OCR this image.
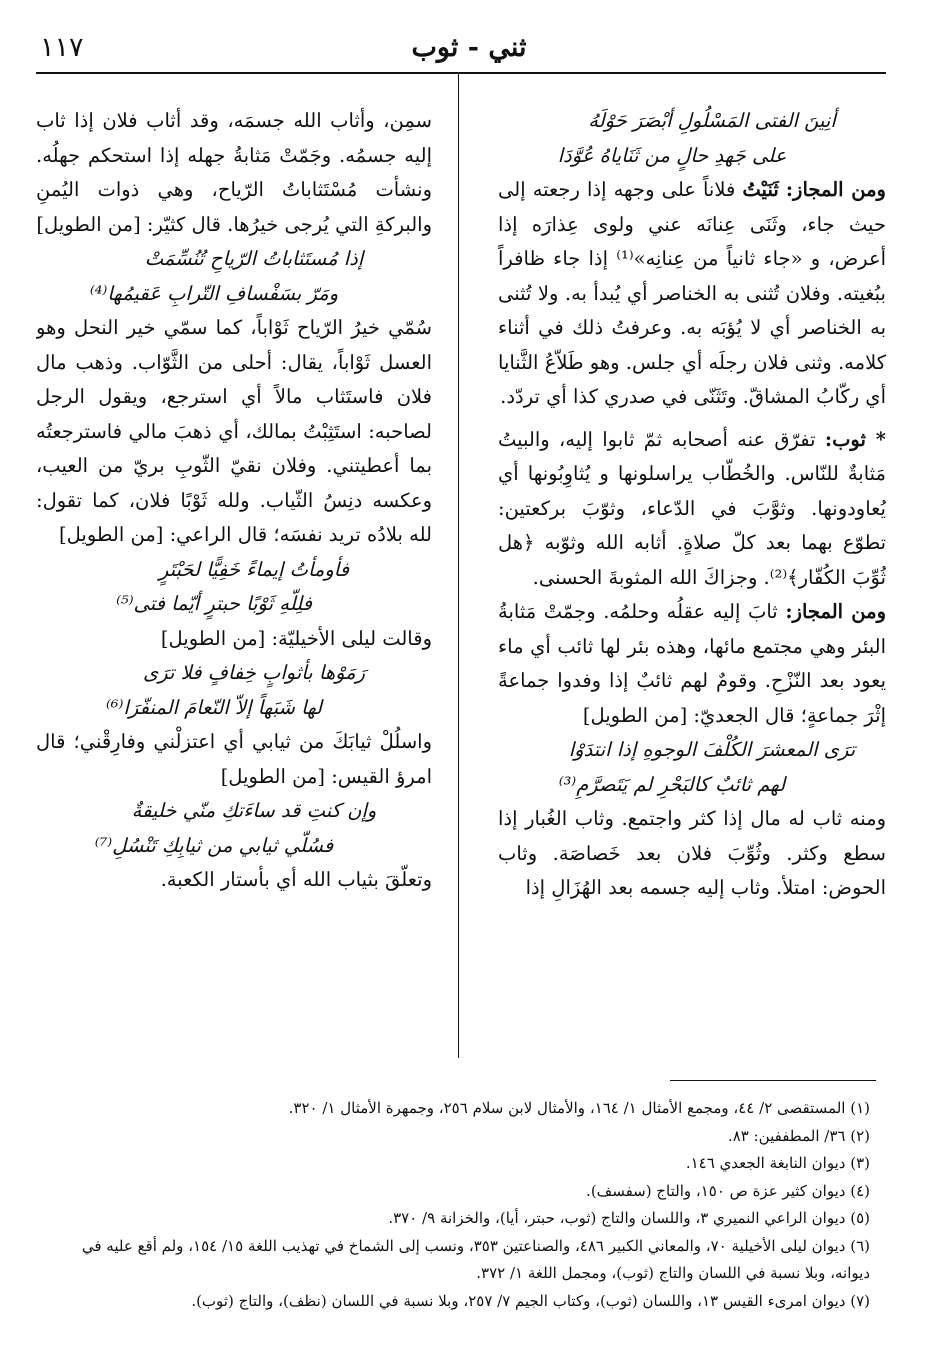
ثني - ثوب
١١٧

أنِينَ الفتى المَسْلُولِ أبْصَرَ حَوْلَهُ

على جَهدِ حالٍ من ثَنَاياهُ عُوَّدَا

ومن المجاز: ثَنَيْتُ فلاناً على وجهه إذا رجعته إلى حيث جاء، وثَنَى عِنانَه عني ولوى عِذارَه إذا أعرض، و «جاء ثانياً من عِنانِه»⁽¹⁾ إذا جاء ظافراً ببُغيته. وفلان تُثنى به الخناصر أي يُبدأ به. ولا تُثنى به الخناصر أي لا يُؤبَه به. وعرفتُ ذلك في أثناء كلامه. وثنى فلان رجلَه أي جلس. وهو طَلاّعُ الثَّنايا أي ركّابُ المشاقّ. وتَثَنّى في صدري كذا أي تردّد.

* ثوب: تفرّق عنه أصحابه ثمّ ثابوا إليه، والبيتُ مَثابةٌ للنّاس. والخُطّاب يراسلونها و يُثاوِبُونها أي يُعاودونها. وثوَّبَ في الدّعاء، وثوّبَ بركعتين: تطوّع بهما بعد كلّ صلاةٍ. أثابه الله وثوّبه ﴿هل ثُوِّبَ الكُفّار﴾⁽²⁾. وجزاكَ الله المثوبةَ الحسنى.

ومن المجاز: ثابَ إليه عقلُه وحلمُه. وجمّتْ مَثابةُ البئر وهي مجتمع مائها، وهذه بئر لها ثائب أي ماء يعود بعد النّزْحِ. وقومٌ لهم ثائبٌ إذا وفدوا جماعةً إثْرَ جماعةٍ؛ قال الجعديّ: [من الطويل]

ترَى المعشرَ الكُلْفَ الوجوهِ إذا انتدَوْا

لهم ثائبٌ كالبَحْرِ لم يَتَصرَّمِ⁽³⁾

ومنه ثاب له مال إذا كثر واجتمع. وثاب الغُبار إذا سطع وكثر. وثُوِّبَ فلان بعد خَصاصَة. وثاب الحوض: امتلأ. وثاب إليه جسمه بعد الهُزَالِ إذا

سمِن، وأثاب الله جسمَه، وقد أثاب فلان إذا ثاب إليه جسمُه. وجَمّتْ مَثابةُ جهله إذا استحكم جهلُه. ونشأت مُسْتَثاباتُ الرّياح، وهي ذوات اليُمنِ والبركةِ التي يُرجى خيرُها. قال كثيّر: [من الطويل]

إذا مُستَثاباتُ الرّياحِ تُنُسِّمَتْ

ومَرّ بسَفْسافِ التّرابِ عَقيمُها⁽⁴⁾

سُمّي خيرُ الرّياح ثَوْاباً، كما سمّي خير النحل وهو العسل ثَوْاباً، يقال: أحلى من الثَّوّاب. وذهب مال فلان فاستَثاب مالاً أي استرجع، ويقول الرجل لصاحبه: استَثِبْتُ بمالك، أي ذهبَ مالي فاسترجعتُه بما أعطيتني. وفلان نقيّ الثّوبِ بريّ من العيب، وعكسه دنِسُ الثّياب. ولله ثَوْبًا فلان، كما تقول: لله بلادُه تريد نفسَه؛ قال الراعي: [من الطويل]

فأومأتُ إيماءً خَفِيًّا لحَبْتَرٍ

فلِلّهِ ثَوْبًا حبترٍ أيّما فتى⁽⁵⁾

وقالت ليلى الأخيليّة: [من الطويل]

رَمَوْها بأثوابٍ خِفافٍ فلا ترَى

لها شَبَهاً إلاّ النّعامَ المنفّرَا⁽⁶⁾

واسلُلْ ثيابَكَ من ثيابي أي اعتزلْني وفارِقْني؛ قال امرؤ القيس: [من الطويل]

وإن كنتِ قد ساءَتكِ منّي خليقةٌ

فسُلّي ثيابي من ثيابِكِ تَنْسُلِ⁽⁷⁾

وتعلّقَ بثياب الله أي بأستار الكعبة.

(١) المستقصى ٢/ ٤٤، ومجمع الأمثال ١/ ١٦٤، والأمثال لابن سلام ٢٥٦، وجمهرة الأمثال ١/ ٣٢٠.

(٢) ٣٦/ المطففين: ٨٣.

(٣) ديوان النابغة الجعدي ١٤٦.

(٤) ديوان كثير عزة ص ١٥٠، والتاج (سفسف).

(٥) ديوان الراعي النميري ٣، واللسان والتاج (ثوب، حبتر، أيا)، والخزانة ٩/ ٣٧٠.

(٦) ديوان ليلى الأخيلية ٧٠، والمعاني الكبير ٤٨٦، والصناعتين ٣٥٣، ونسب إلى الشماخ في تهذيب اللغة ١٥/ ١٥٤، ولم أقع عليه في ديوانه، وبلا نسبة في اللسان والتاج (ثوب)، ومجمل اللغة ١/ ٣٧٢.

(٧) ديوان امرىء القيس ١٣، واللسان (ثوب)، وكتاب الجيم ٧/ ٢٥٧، وبلا نسبة في اللسان (نظف)، والتاج (ثوب).
